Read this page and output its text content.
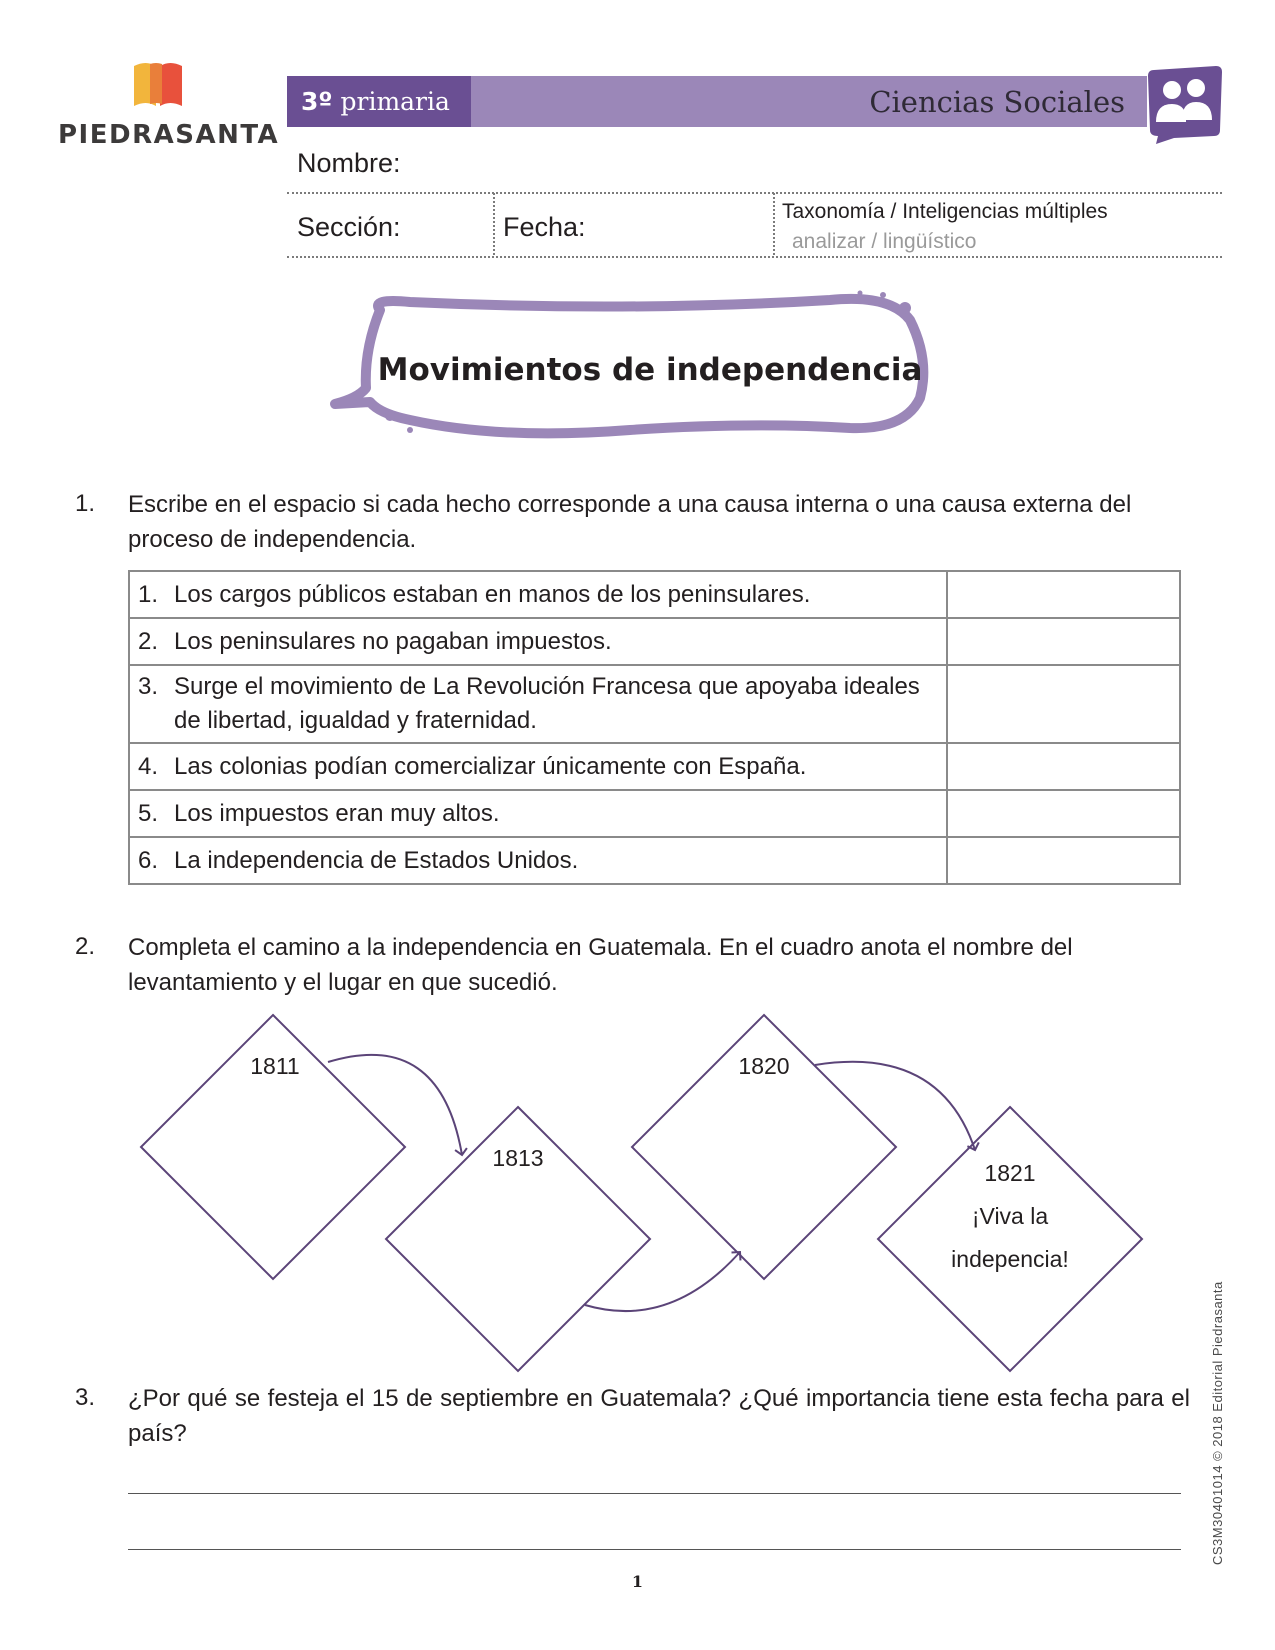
PIEDRASANTA
3º primaria	Ciencias Sociales
Nombre:
Sección:	Fecha:
Taxonomía / Inteligencias múltiples
analizar / lingüístico
Movimientos de independencia
1. Escribe en el espacio si cada hecho corresponde a una causa interna o una causa externa del proceso de independencia.
1. Los cargos públicos estaban en manos de los peninsulares.	
2. Los peninsulares no pagaban impuestos.	
3. Surge el movimiento de La Revolución Francesa que apoyaba ideales de libertad, igualdad y fraternidad.	
4. Las colonias podían comercializar únicamente con España.	
5. Los impuestos eran muy altos.	
6. La independencia de Estados Unidos.	
2. Completa el camino a la independencia en Guatemala. En el cuadro anota el nombre del levantamiento y el lugar en que sucedió.
1811
1813
1820
1821
¡Viva la
indepencia!
3. ¿Por qué se festeja el 15 de septiembre en Guatemala? ¿Qué importancia tiene esta fecha para el país?
1
CS3M30401014 © 2018 Editorial Piedrasanta
